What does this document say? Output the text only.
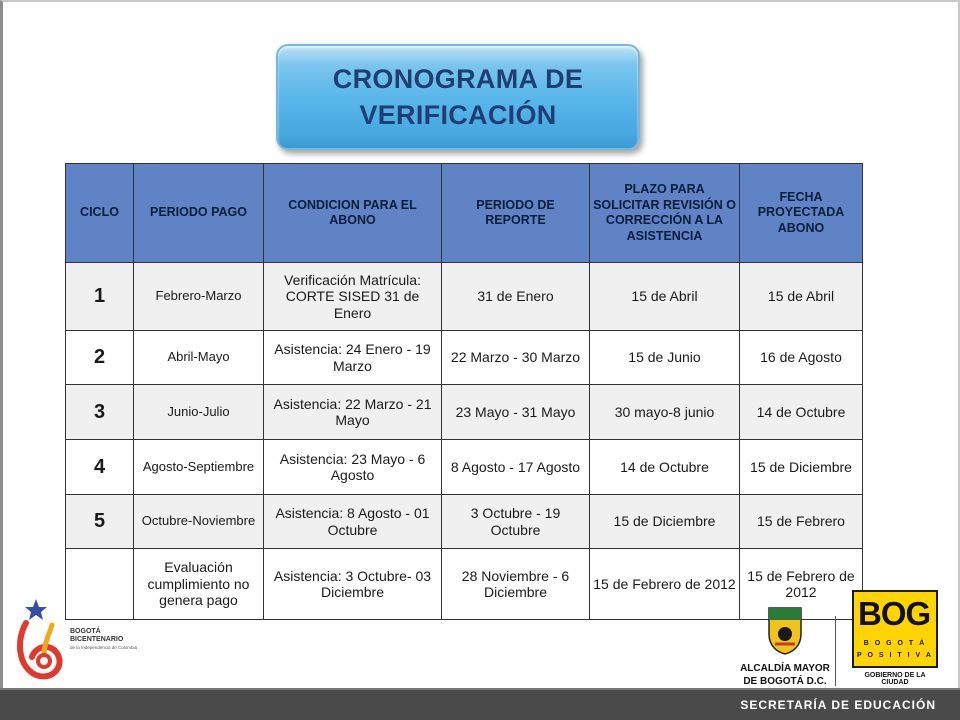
CRONOGRAMA DE VERIFICACIÓN
CICLO	PERIODO PAGO	CONDICION PARA EL ABONO	PERIODO DE REPORTE	PLAZO PARA SOLICITAR REVISIÓN O CORRECCIÓN A LA ASISTENCIA	FECHA PROYECTADA ABONO
1	Febrero-Marzo	Verificación Matrícula: CORTE SISED 31 de Enero	31 de Enero	15 de Abril	15 de Abril
2	Abril-Mayo	Asistencia: 24 Enero - 19 Marzo	22 Marzo - 30 Marzo	15 de Junio	16 de Agosto
3	Junio-Julio	Asistencia: 22 Marzo - 21 Mayo	23 Mayo - 31 Mayo	30 mayo-8 junio	14 de Octubre
4	Agosto-Septiembre	Asistencia: 23 Mayo - 6 Agosto	8 Agosto - 17 Agosto	14 de Octubre	15 de Diciembre
5	Octubre-Noviembre	Asistencia: 8 Agosto - 01 Octubre	3 Octubre - 19 Octubre	15 de Diciembre	15 de Febrero
	Evaluación cumplimiento no genera pago	Asistencia: 3 Octubre- 03 Diciembre	28 Noviembre - 6 Diciembre	15 de Febrero de 2012	15 de Febrero de 2012
BOGOTÁ
BICENTENARIO
de la Independencia de Colombia
ALCALDÍA MAYOR
DE BOGOTÁ D.C.
BOG
B O G O T Á
P O S I T I V A
GOBIERNO DE LA CIUDAD
SECRETARÍA DE EDUCACIÓN
